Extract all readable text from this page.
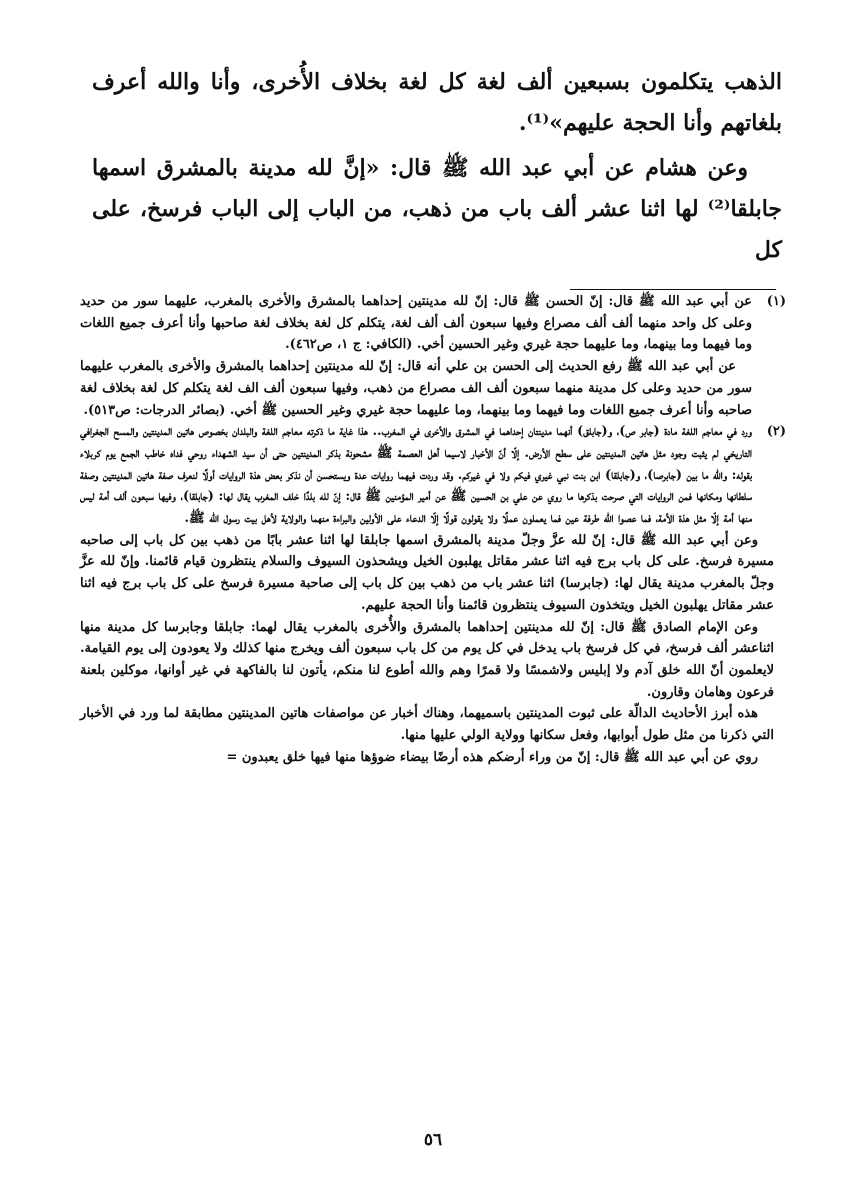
الذهب يتكلمون بسبعين ألف لغة كل لغة بخلاف الأُخرى، وأنا والله أعرف بلغاتهم وأنا الحجة عليهم»⁽¹⁾.

وعن هشام عن أبي عبد الله ﷺ قال: «إنَّ لله مدينة بالمشرق اسمها جابلقا⁽²⁾ لها اثنا عشر ألف باب من ذهب، من الباب إلى الباب فرسخ، على كل

(١)

عن أبي عبد الله ﷺ قال: إنّ الحسن ﷺ قال: إنّ لله مدينتين إحداهما بالمشرق والأخرى بالمغرب، عليهما سور من حديد وعلى كل واحد منهما ألف ألف مصراع وفيها سبعون ألف ألف لغة، يتكلم كل لغة بخلاف لغة صاحبها وأنا أعرف جميع اللغات وما فيهما وما بينهما، وما عليهما حجة غيري وغير الحسين أخي. (الكافي: ج ١، ص٤٦٢).

عن أبي عبد الله ﷺ رفع الحديث إلى الحسن بن علي أنه قال: إنّ لله مدينتين إحداهما بالمشرق والأخرى بالمغرب عليهما سور من حديد وعلى كل مدينة منهما سبعون ألف الف مصراع من ذهب، وفيها سبعون ألف الف لغة يتكلم كل لغة بخلاف لغة صاحبه وأنا أعرف جميع اللغات وما فيهما وما بينهما، وما عليهما حجة غيري وغير الحسين ﷺ أخي. (بصائر الدرجات: ص٥١٣).

(٢)

ورد في معاجم اللغة مادة (جابر ص)، و(جابلق) أنهما مدينتان إحداهما في المشرق والأخرى في المغرب.. هذا غاية ما ذكرته معاجم اللغة والبلدان بخصوص هاتين المدينتين والمسح الجغرافي التاريخي لم يثبت وجود مثل هاتين المدينتين على سطح الأرض. إلّا أنّ الأخبار لاسيما أهل العصمة ﷺ مشحونة بذكر المدينتين حتى أن سيد الشهداء روحي فداه خاطب الجمع يوم كربلاء بقوله: والله ما بين (جابرصا)، و(جابلقا) ابن بنت نبي غيري فيكم ولا في غيركم. وقد وردت فيهما روايات عدة ويستحسن أن نذكر بعض هذة الروايات أولًا لنعرف صفة هاتين المدينتين وصفة سلطانها ومكانها فمن الروايات التي صرحت بذكرها ما روي عن علي بن الحسين ﷺ عن أمير المؤمنين ﷺ قال: إنّ لله بلدًا خلف المغرب يقال لها: (جابلقا)، وفيها سبعون ألف أمة ليس منها أمة إلّا مثل هذة الأمة، فما عصوا الله طرفة عين فما يعملون عملًا ولا يقولون قولًا إلّا الدعاء على الأولين والبراءة منهما والولاية لأهل بيت رسول الله ﷺ.

وعن أبي عبد الله ﷺ قال: إنّ لله عزَّ وجلّ مدينة بالمشرق اسمها جابلقا لها اثنا عشر بابًا من ذهب بين كل باب إلى صاحبه مسيرة فرسخ. على كل باب برج فيه اثنا عشر مقاتل يهلبون الخيل ويشحذون السيوف والسلام ينتظرون قيام قائمنا. وإنّ لله عزَّ وجلّ بالمغرب مدينة يقال لها: (جابرسا) اثنا عشر باب من ذهب بين كل باب إلى صاحبة مسيرة فرسخ على كل باب برج فيه اثنا عشر مقاتل يهلبون الخيل ويتخذون السيوف ينتظرون قائمنا وأنا الحجة عليهم.

وعن الإمام الصادق ﷺ قال: إنّ لله مدينتين إحداهما بالمشرق والأُخرى بالمغرب يقال لهما: جابلقا وجابرسا كل مدينة منها اثناعشر ألف فرسخ، في كل فرسخ باب يدخل في كل يوم من كل باب سبعون ألف ويخرج منها كذلك ولا يعودون إلى يوم القيامة. لايعلمون أنّ الله خلق آدم ولا إبليس ولاشمسًا ولا قمرًا وهم والله أطوع لنا منكم، يأتون لنا بالفاكهة في غير أوانها، موكلين بلعنة فرعون وهامان وقارون.

هذه أبرز الأحاديث الدالّة على ثبوت المدينتين باسميهما، وهناك أخبار عن مواصفات هاتين المدينتين مطابقة لما ورد في الأخبار التي ذكرنا من مثل طول أبوابها، وفعل سكانها وولاية الولي عليها منها.

روي عن أبي عبد الله ﷺ قال: إنّ من وراء أرضكم هذه أرضًا بيضاء ضوؤها منها فيها خلق يعبدون =

٥٦
